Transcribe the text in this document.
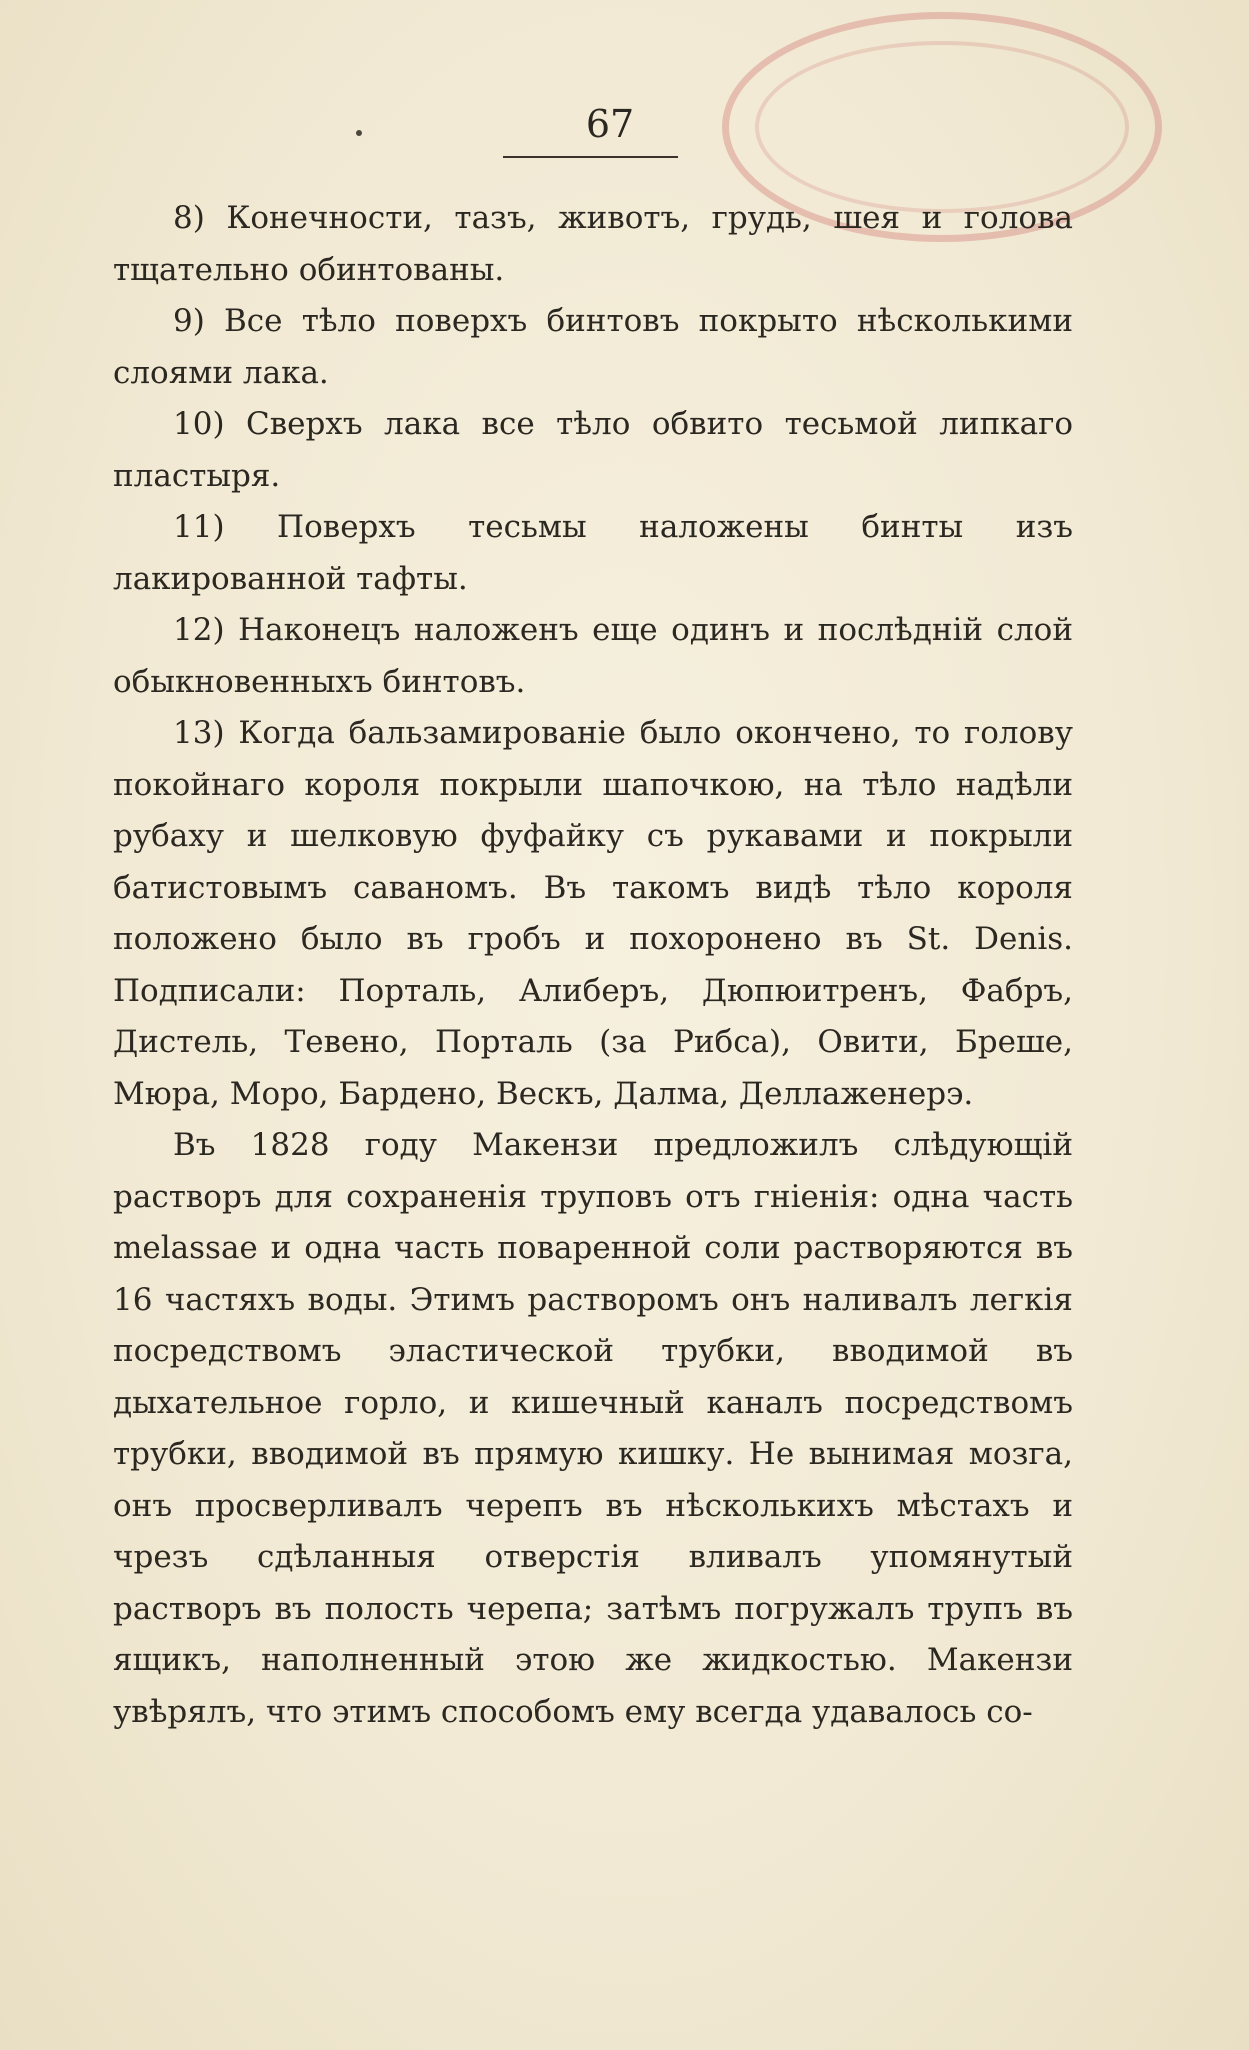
67

8) Конечности, тазъ, животъ, грудь, шея и голова тщательно обинтованы.

9) Все тѣло поверхъ бинтовъ покрыто нѣсколькими слоями лака.

10) Сверхъ лака все тѣло обвито тесьмой липкаго пластыря.

11) Поверхъ тесьмы наложены бинты изъ лакированной тафты.

12) Наконецъ наложенъ еще одинъ и послѣднiй слой обыкновенныхъ бинтовъ.

13) Когда бальзамированiе было окончено, то голову покойнаго короля покрыли шапочкою, на тѣло надѣли рубаху и шелковую фуфайку съ рукавами и покрыли батистовымъ саваномъ. Въ такомъ видѣ тѣло короля положено было въ гробъ и похоронено въ St. Denis. Подписали: Порталь, Алиберъ, Дюпюитренъ, Фабръ, Дистель, Тевено, Порталь (за Рибса), Овити, Брешe, Мюра, Моро, Бардено, Вескъ, Далма, Деллаженерэ.

Въ 1828 году Макензи предложилъ слѣдующiй растворъ для сохраненiя труповъ отъ гнiенiя: одна часть melassae и одна часть поваренной соли растворяются въ 16 частяхъ воды. Этимъ растворомъ онъ наливалъ легкiя посредствомъ эластической трубки, вводимой въ дыхательное горло, и кишечный каналъ посредствомъ трубки, вводимой въ прямую кишку. Не вынимая мозга, онъ просверливалъ черепъ въ нѣсколькихъ мѣстахъ и чрезъ сдѣланныя отверстiя вливалъ упомянутый растворъ въ полость черепа; затѣмъ погружалъ трупъ въ ящикъ, наполненный этою же жидкостью. Макензи увѣрялъ, что этимъ способомъ ему всегда удавалось со-
